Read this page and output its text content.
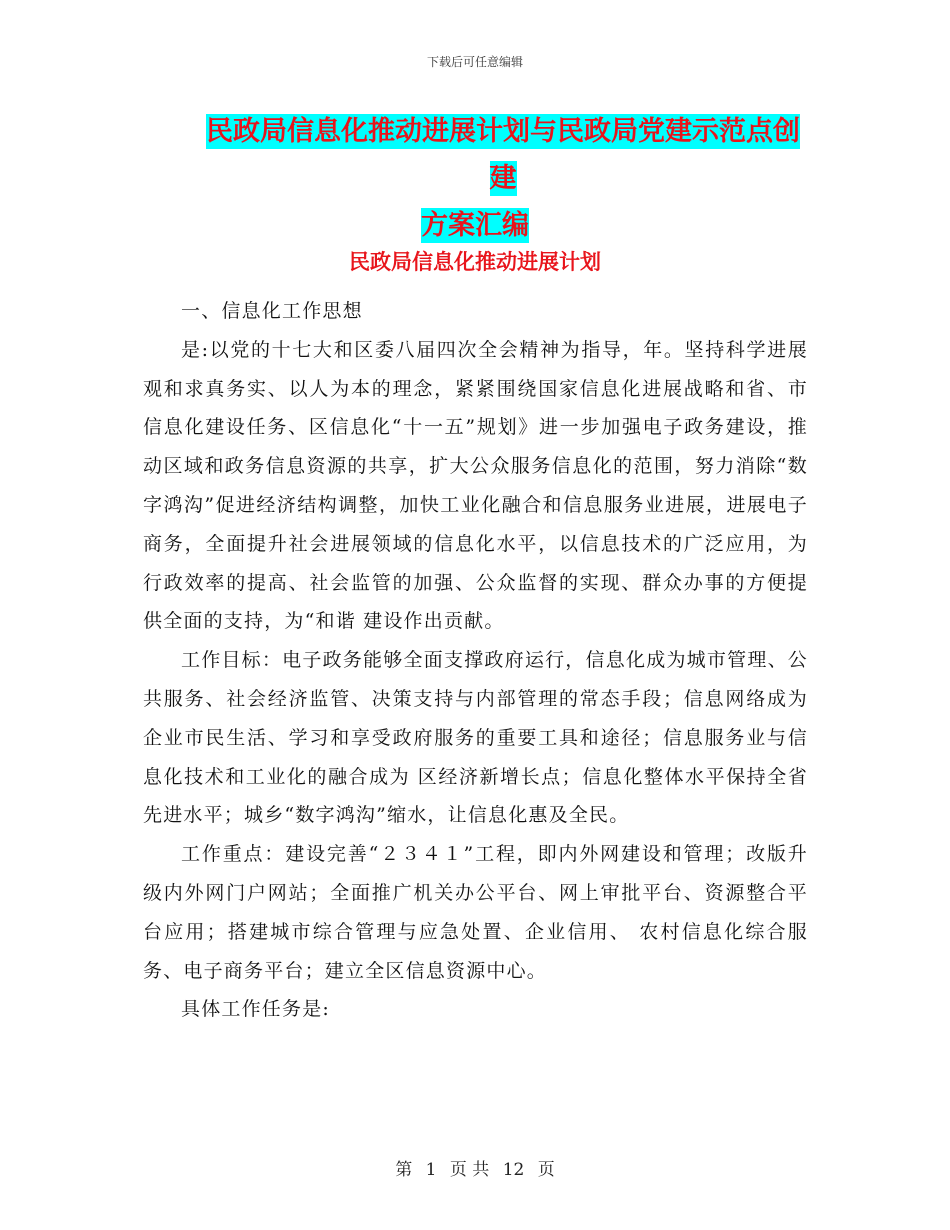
下载后可任意编辑
民政局信息化推动进展计划与民政局党建示范点创建
方案汇编
民政局信息化推动进展计划

一、信息化工作思想

是:以党的十七大和区委八届四次全会精神为指导，年。坚持科学进展观和求真务实、以人为本的理念，紧紧围绕国家信息化进展战略和省、市信息化建设任务、区信息化“十一五”规划》进一步加强电子政务建设，推动区域和政务信息资源的共享，扩大公众服务信息化的范围，努力消除“数字鸿沟”促进经济结构调整，加快工业化融合和信息服务业进展，进展电子商务，全面提升社会进展领域的信息化水平，以信息技术的广泛应用，为行政效率的提高、社会监管的加强、公众监督的实现、群众办事的方便提供全面的支持，为“和谐 建设作出贡献。

工作目标：电子政务能够全面支撑政府运行，信息化成为城市管理、公共服务、社会经济监管、决策支持与内部管理的常态手段；信息网络成为企业市民生活、学习和享受政府服务的重要工具和途径；信息服务业与信息化技术和工业化的融合成为 区经济新增长点；信息化整体水平保持全省先进水平；城乡“数字鸿沟”缩水，让信息化惠及全民。

工作重点：建设完善“２３４１”工程，即内外网建设和管理；改版升级内外网门户网站；全面推广机关办公平台、网上审批平台、资源整合平台应用；搭建城市综合管理与应急处置、企业信用、 农村信息化综合服务、电子商务平台；建立全区信息资源中心。

具体工作任务是:

第 1 页 共 12 页
